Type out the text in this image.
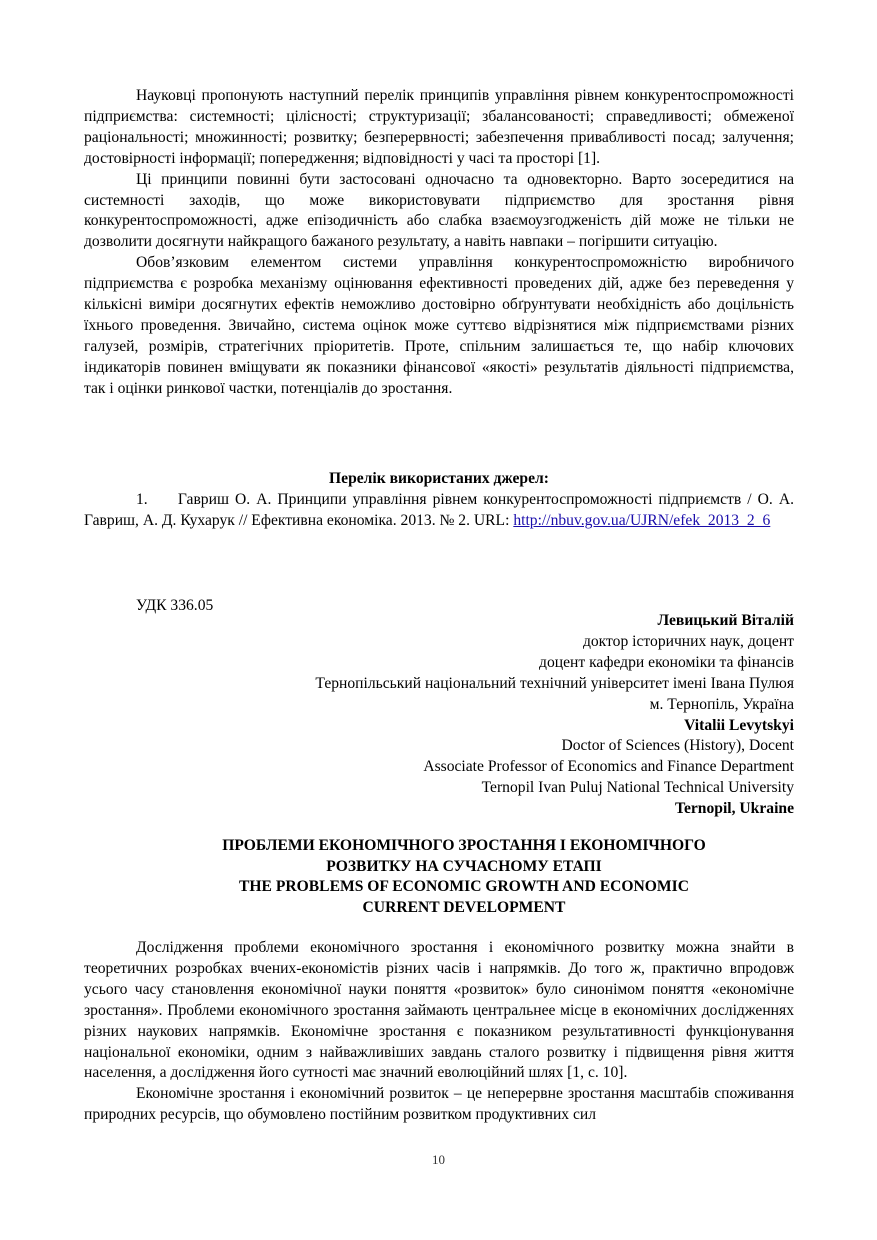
Науковці пропонують наступний перелік принципів управління рівнем конкурентоспроможності підприємства: системності; цілісності; структуризації; збалансованості; справедливості; обмеженої раціональності; множинності; розвитку; безперервності; забезпечення привабливості посад; залучення; достовірності інформації; попередження; відповідності у часі та просторі [1].

Ці принципи повинні бути застосовані одночасно та одновекторно. Варто зосередитися на системності заходів, що може використовувати підприємство для зростання рівня конкурентоспроможності, адже епізодичність або слабка взаємоузгодженість дій може не тільки не дозволити досягнути найкращого бажаного результату, а навіть навпаки – погіршити ситуацію.

Обов’язковим елементом системи управління конкурентоспроможністю виробничого підприємства є розробка механізму оцінювання ефективності проведених дій, адже без переведення у кількісні виміри досягнутих ефектів неможливо достовірно обґрунтувати необхідність або доцільність їхнього проведення. Звичайно, система оцінок може суттєво відрізнятися між підприємствами різних галузей, розмірів, стратегічних пріоритетів. Проте, спільним залишається те, що набір ключових індикаторів повинен вміщувати як показники фінансової «якості» результатів діяльності підприємства, так і оцінки ринкової частки, потенціалів до зростання.

Перелік використаних джерел:
1.     Гавриш О. А. Принципи управління рівнем конкурентоспроможності підприємств / О. А. Гавриш, А. Д. Кухарук // Ефективна економіка. 2013. № 2. URL: http://nbuv.gov.ua/UJRN/efek_2013_2_6
УДК 336.05
Левицький Віталій
доктор історичних наук, доцент
доцент кафедри економіки та фінансів
Тернопільський національний технічний університет імені Івана Пулюя
м. Тернопіль, Україна
Vitalii Levytskyi
Doctor of Sciences (History), Docent
Associate Professor of Economics and Finance Department
Ternopil Ivan Puluj National Technical University
Ternopil, Ukraine
ПРОБЛЕМИ ЕКОНОМІЧНОГО ЗРОСТАННЯ І ЕКОНОМІЧНОГО
РОЗВИТКУ НА СУЧАСНОМУ ЕТАПІ
THE PROBLEMS OF ECONOMIC GROWTH AND ECONOMIC
CURRENT DEVELOPMENT

Дослідження проблеми економічного зростання і економічного розвитку можна знайти в теоретичних розробках вчених-економістів різних часів і напрямків. До того ж, практично впродовж усього часу становлення економічної науки поняття «розвиток» було синонімом поняття «економічне зростання». Проблеми економічного зростання займають центральнее місце в економічних дослідженнях різних наукових напрямків. Економічне зростання є показником результативності функціонування національної економіки, одним з найважливіших завдань сталого розвитку і підвищення рівня життя населення, а дослідження його сутності має значний еволюційний шлях [1, с. 10].

Економічне зростання і економічний розвиток – це неперервне зростання масштабів споживання природних ресурсів, що обумовлено постійним розвитком продуктивних сил

10
